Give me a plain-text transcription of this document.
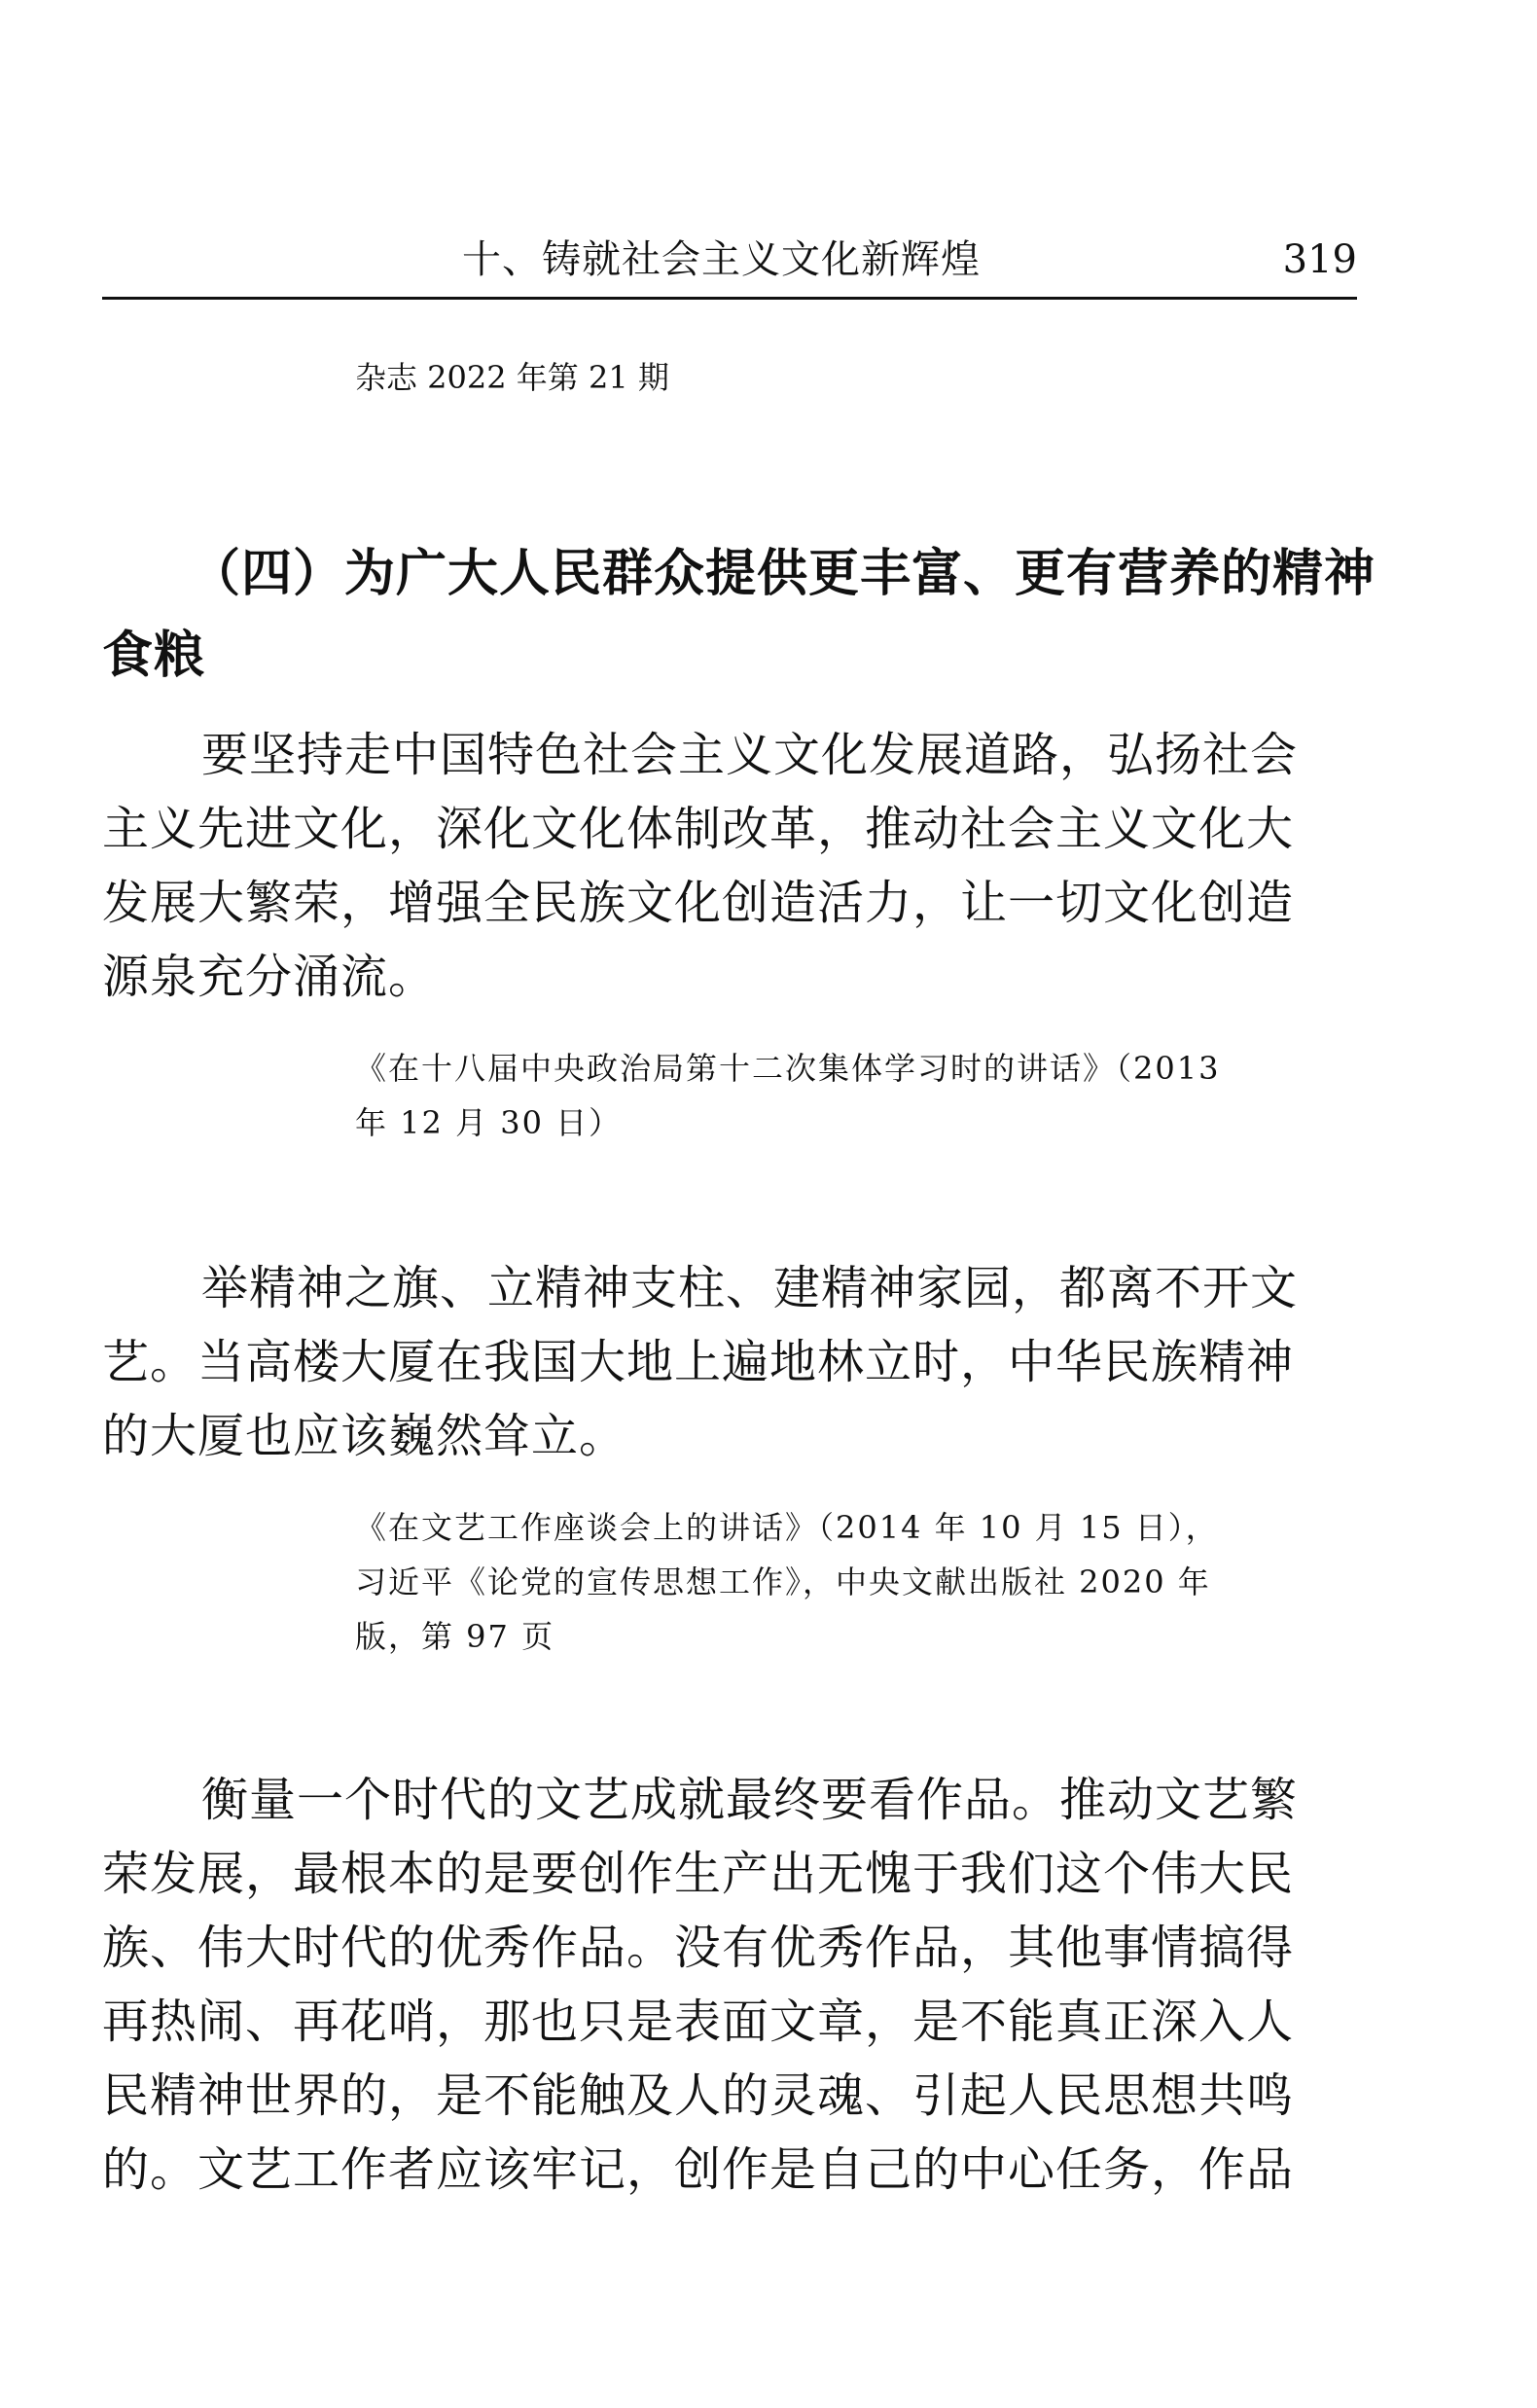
十、铸就社会主义文化新辉煌	319
杂志 2022 年第 21 期
（四）为广大人民群众提供更丰富、更有营养的精神
食粮
要坚持走中国特色社会主义文化发展道路，弘扬社会
主义先进文化，深化文化体制改革，推动社会主义文化大
发展大繁荣，增强全民族文化创造活力，让一切文化创造
源泉充分涌流。
《在十八届中央政治局第十二次集体学习时的讲话》（2013
年 12 月 30 日）
举精神之旗、立精神支柱、建精神家园，都离不开文
艺。当高楼大厦在我国大地上遍地林立时，中华民族精神
的大厦也应该巍然耸立。
《在文艺工作座谈会上的讲话》（2014 年 10 月 15 日），
习近平《论党的宣传思想工作》，中央文献出版社 2020 年
版，第 97 页
衡量一个时代的文艺成就最终要看作品。推动文艺繁
荣发展，最根本的是要创作生产出无愧于我们这个伟大民
族、伟大时代的优秀作品。没有优秀作品，其他事情搞得
再热闹、再花哨，那也只是表面文章，是不能真正深入人
民精神世界的，是不能触及人的灵魂、引起人民思想共鸣
的。文艺工作者应该牢记，创作是自己的中心任务，作品
